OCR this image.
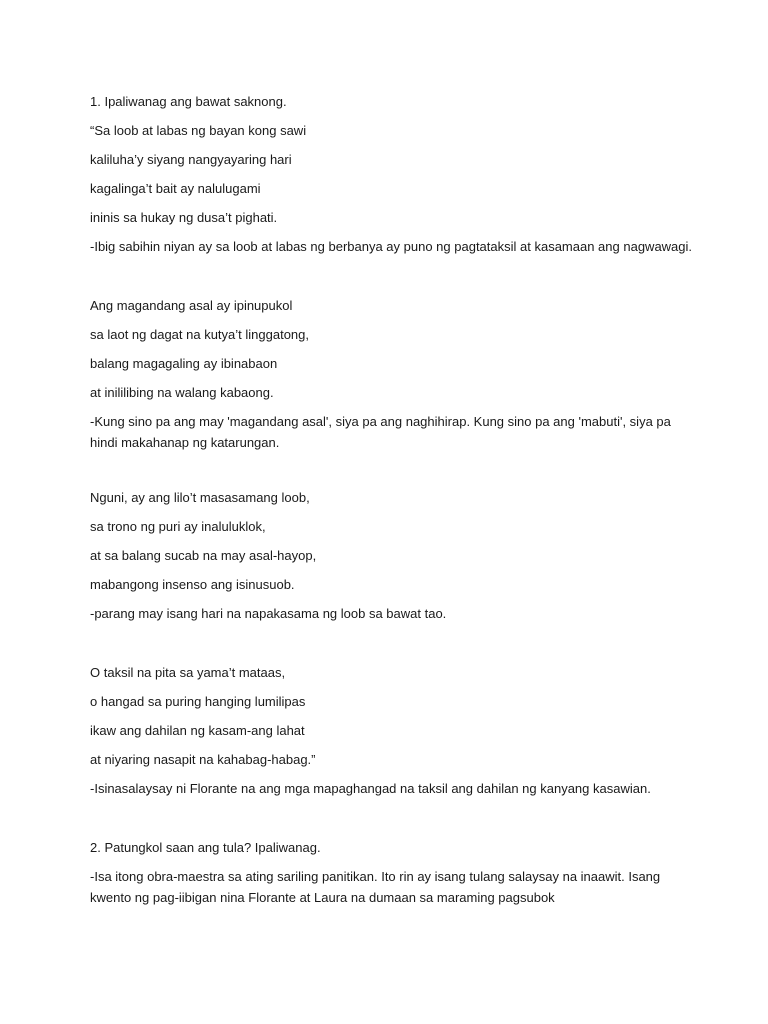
1. Ipaliwanag ang bawat saknong.
“Sa loob at labas ng bayan kong sawi
kaliluha’y siyang nangyayaring hari
kagalinga’t bait ay nalulugami
ininis sa hukay ng dusa’t pighati.
-Ibig sabihin niyan ay sa loob at labas ng berbanya ay puno ng pagtataksil at kasamaan ang nagwawagi.
Ang magandang asal ay ipinupukol
sa laot ng dagat na kutya’t linggatong,
balang magagaling ay ibinabaon
at inililibing na walang kabaong.
-Kung sino pa ang may 'magandang asal', siya pa ang naghihirap. Kung sino pa ang 'mabuti', siya pa hindi makahanap ng katarungan.
Nguni, ay ang lilo’t masasamang loob,
sa trono ng puri ay inaluluklok,
at sa balang sucab na may asal-hayop,
mabangong insenso ang isinusuob.
-parang may isang hari na napakasama ng loob sa bawat tao.
O taksil na pita sa yama’t mataas,
o hangad sa puring hanging lumilipas
ikaw ang dahilan ng kasam-ang lahat
at niyaring nasapit na kahabag-habag.”
-Isinasalaysay ni Florante na ang mga mapaghangad na taksil ang dahilan ng kanyang kasawian.
2. Patungkol saan ang tula? Ipaliwanag.
-Isa itong obra-maestra sa ating sariling panitikan. Ito rin ay isang tulang salaysay na inaawit. Isang kwento ng pag-iibigan nina Florante at Laura na dumaan sa maraming pagsubok
